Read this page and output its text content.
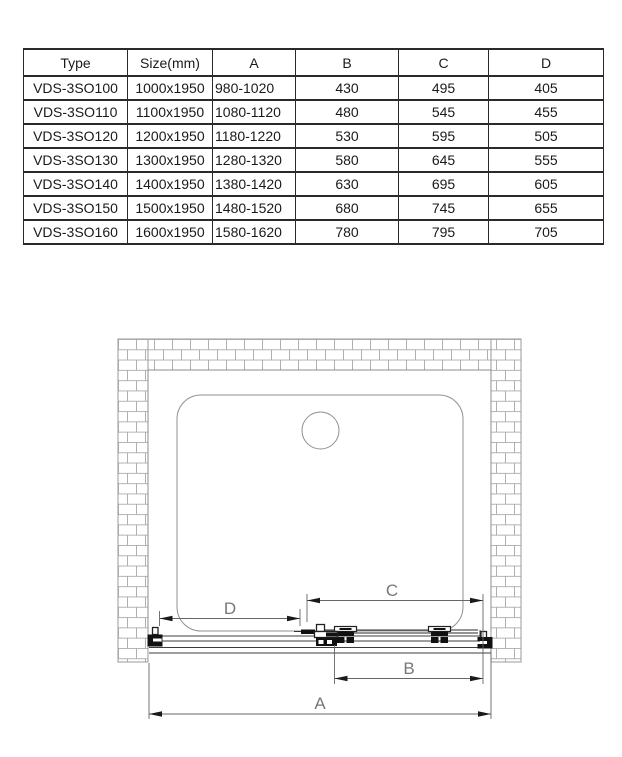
Type	Size(mm)	A	B	C	D
VDS-3SO100	1000x1950	980-1020	430	495	405
VDS-3SO110	1100x1950	1080-1120	480	545	455
VDS-3SO120	1200x1950	1180-1220	530	595	505
VDS-3SO130	1300x1950	1280-1320	580	645	555
VDS-3SO140	1400x1950	1380-1420	630	695	605
VDS-3SO150	1500x1950	1480-1520	680	745	655
VDS-3SO160	1600x1950	1580-1620	780	795	705
D
C
B
A
